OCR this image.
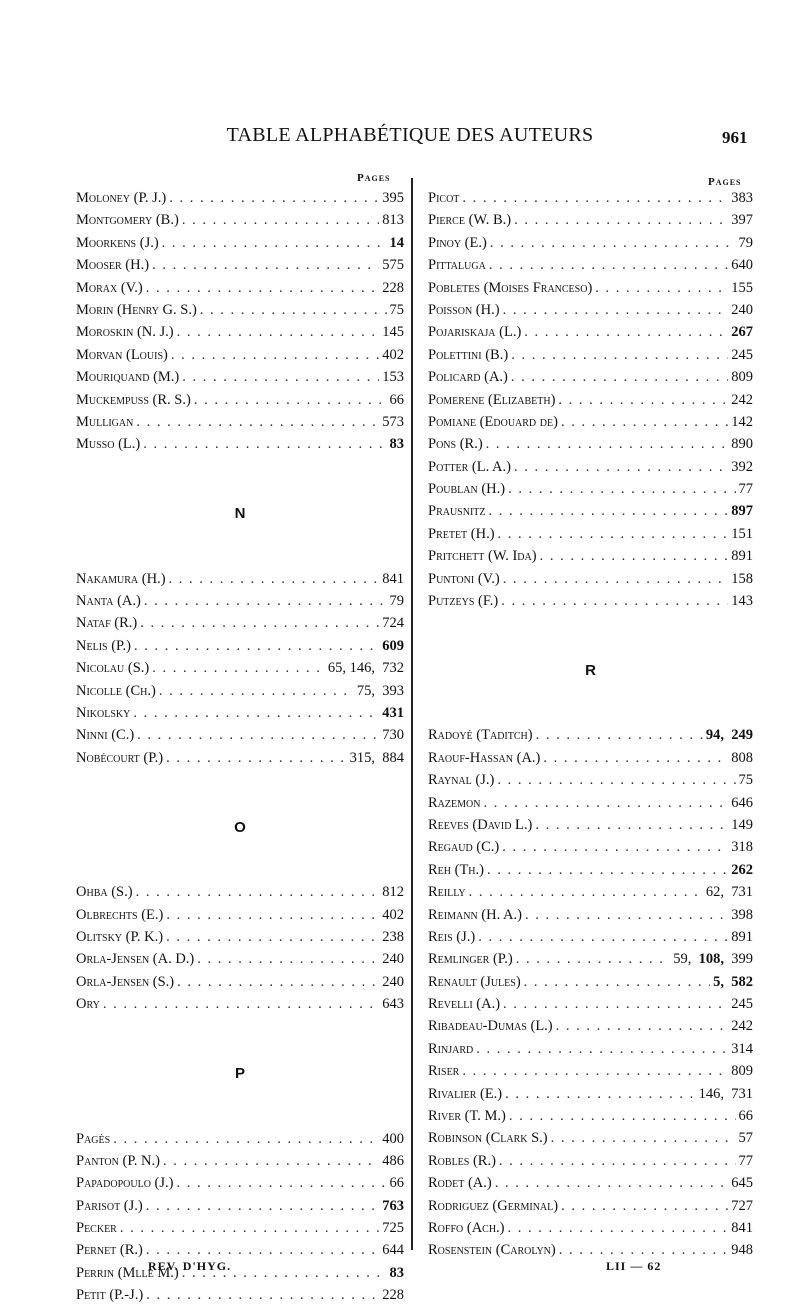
TABLE ALPHABÉTIQUE DES AUTEURS	961
Pages	Pages
Moloney (P. J.) . . .	395
Montgomery (B.) . . .	813
Moorkens (J.) . . .	14
Mooser (H.) . . .	575
Morax (V.) . . .	228
Morin (Henry G. S.) . . .	75
Moroskin (N. J.) . . .	145
Morvan (Louis) . . .	402
Mouriquand (M.) . . .	153
Muckempuss (R. S.) . . .	66
Mulligan . . .	573
Musso (L.) . . .	83
N
Nakamura (H.) . . .	841
Nanta (A.) . . .	79
Nataf (R.) . . .	724
Nelis (P.) . . .	609
Nicolau (S.) . . .	65, 146, 732
Nicolle (Ch.) . . .	75, 393
Nikolsky . . .	431
Ninni (C.) . . .	730
Nobécourt (P.) . . .	315, 884
O
Ohba (S.) . . .	812
Olbrechts (E.) . . .	402
Olitsky (P. K.) . . .	238
Orla-Jensen (A. D.) . . .	240
Orla-Jensen (S.) . . .	240
Ory . . .	643
P
Pagès . . .	400
Panton (P. N.) . . .	486
Papadopoulo (J.) . . .	66
Parisot (J.) . . .	763
Pecker . . .	725
Pernet (R.) . . .	644
Perrin (Mlle M.) . . .	83
Petit (P.-J.) . . .	228
Picot . . .	383
Pierce (W. B.) . . .	397
Pinoy (E.) . . .	79
Pittaluga . . .	640
Pobletes (Moises Franceso) . . .	155
Poisson (H.) . . .	240
Pojariskaja (L.) . . .	267
Polettini (B.) . . .	245
Policard (A.) . . .	809
Pomerene (Elizabeth) . . .	242
Pomiane (Edouard de) . . .	142
Pons (R.) . . .	890
Potter (L. A.) . . .	392
Poublan (H.) . . .	77
Prausnitz . . .	897
Pretet (H.) . . .	151
Pritchett (W. Ida) . . .	891
Puntoni (V.) . . .	158
Putzeys (F.) . . .	143
R
Radoyé (Taditch) . . .	94, 249
Raouf-Hassan (A.) . . .	808
Raynal (J.) . . .	75
Razemon . . .	646
Reeves (David L.) . . .	149
Regaud (C.) . . .	318
Reh (Th.) . . .	262
Reilly . . .	62, 731
Reimann (H. A.) . . .	398
Reis (J.) . . .	891
Remlinger (P.) . . .	59, 108, 399
Renault (Jules) . . .	5, 582
Revelli (A.) . . .	245
Ribadeau-Dumas (L.) . . .	242
Rinjard . . .	314
Riser . . .	809
Rivalier (E.) . . .	146, 731
River (T. M.) . . .	66
Robinson (Clark S.) . . .	57
Robles (R.) . . .	77
Rodet (A.) . . .	645
Rodriguez (Germinal) . . .	727
Roffo (Ach.) . . .	841
Rosenstein (Carolyn) . . .	948
REV. D'HYG.	LII — 62
